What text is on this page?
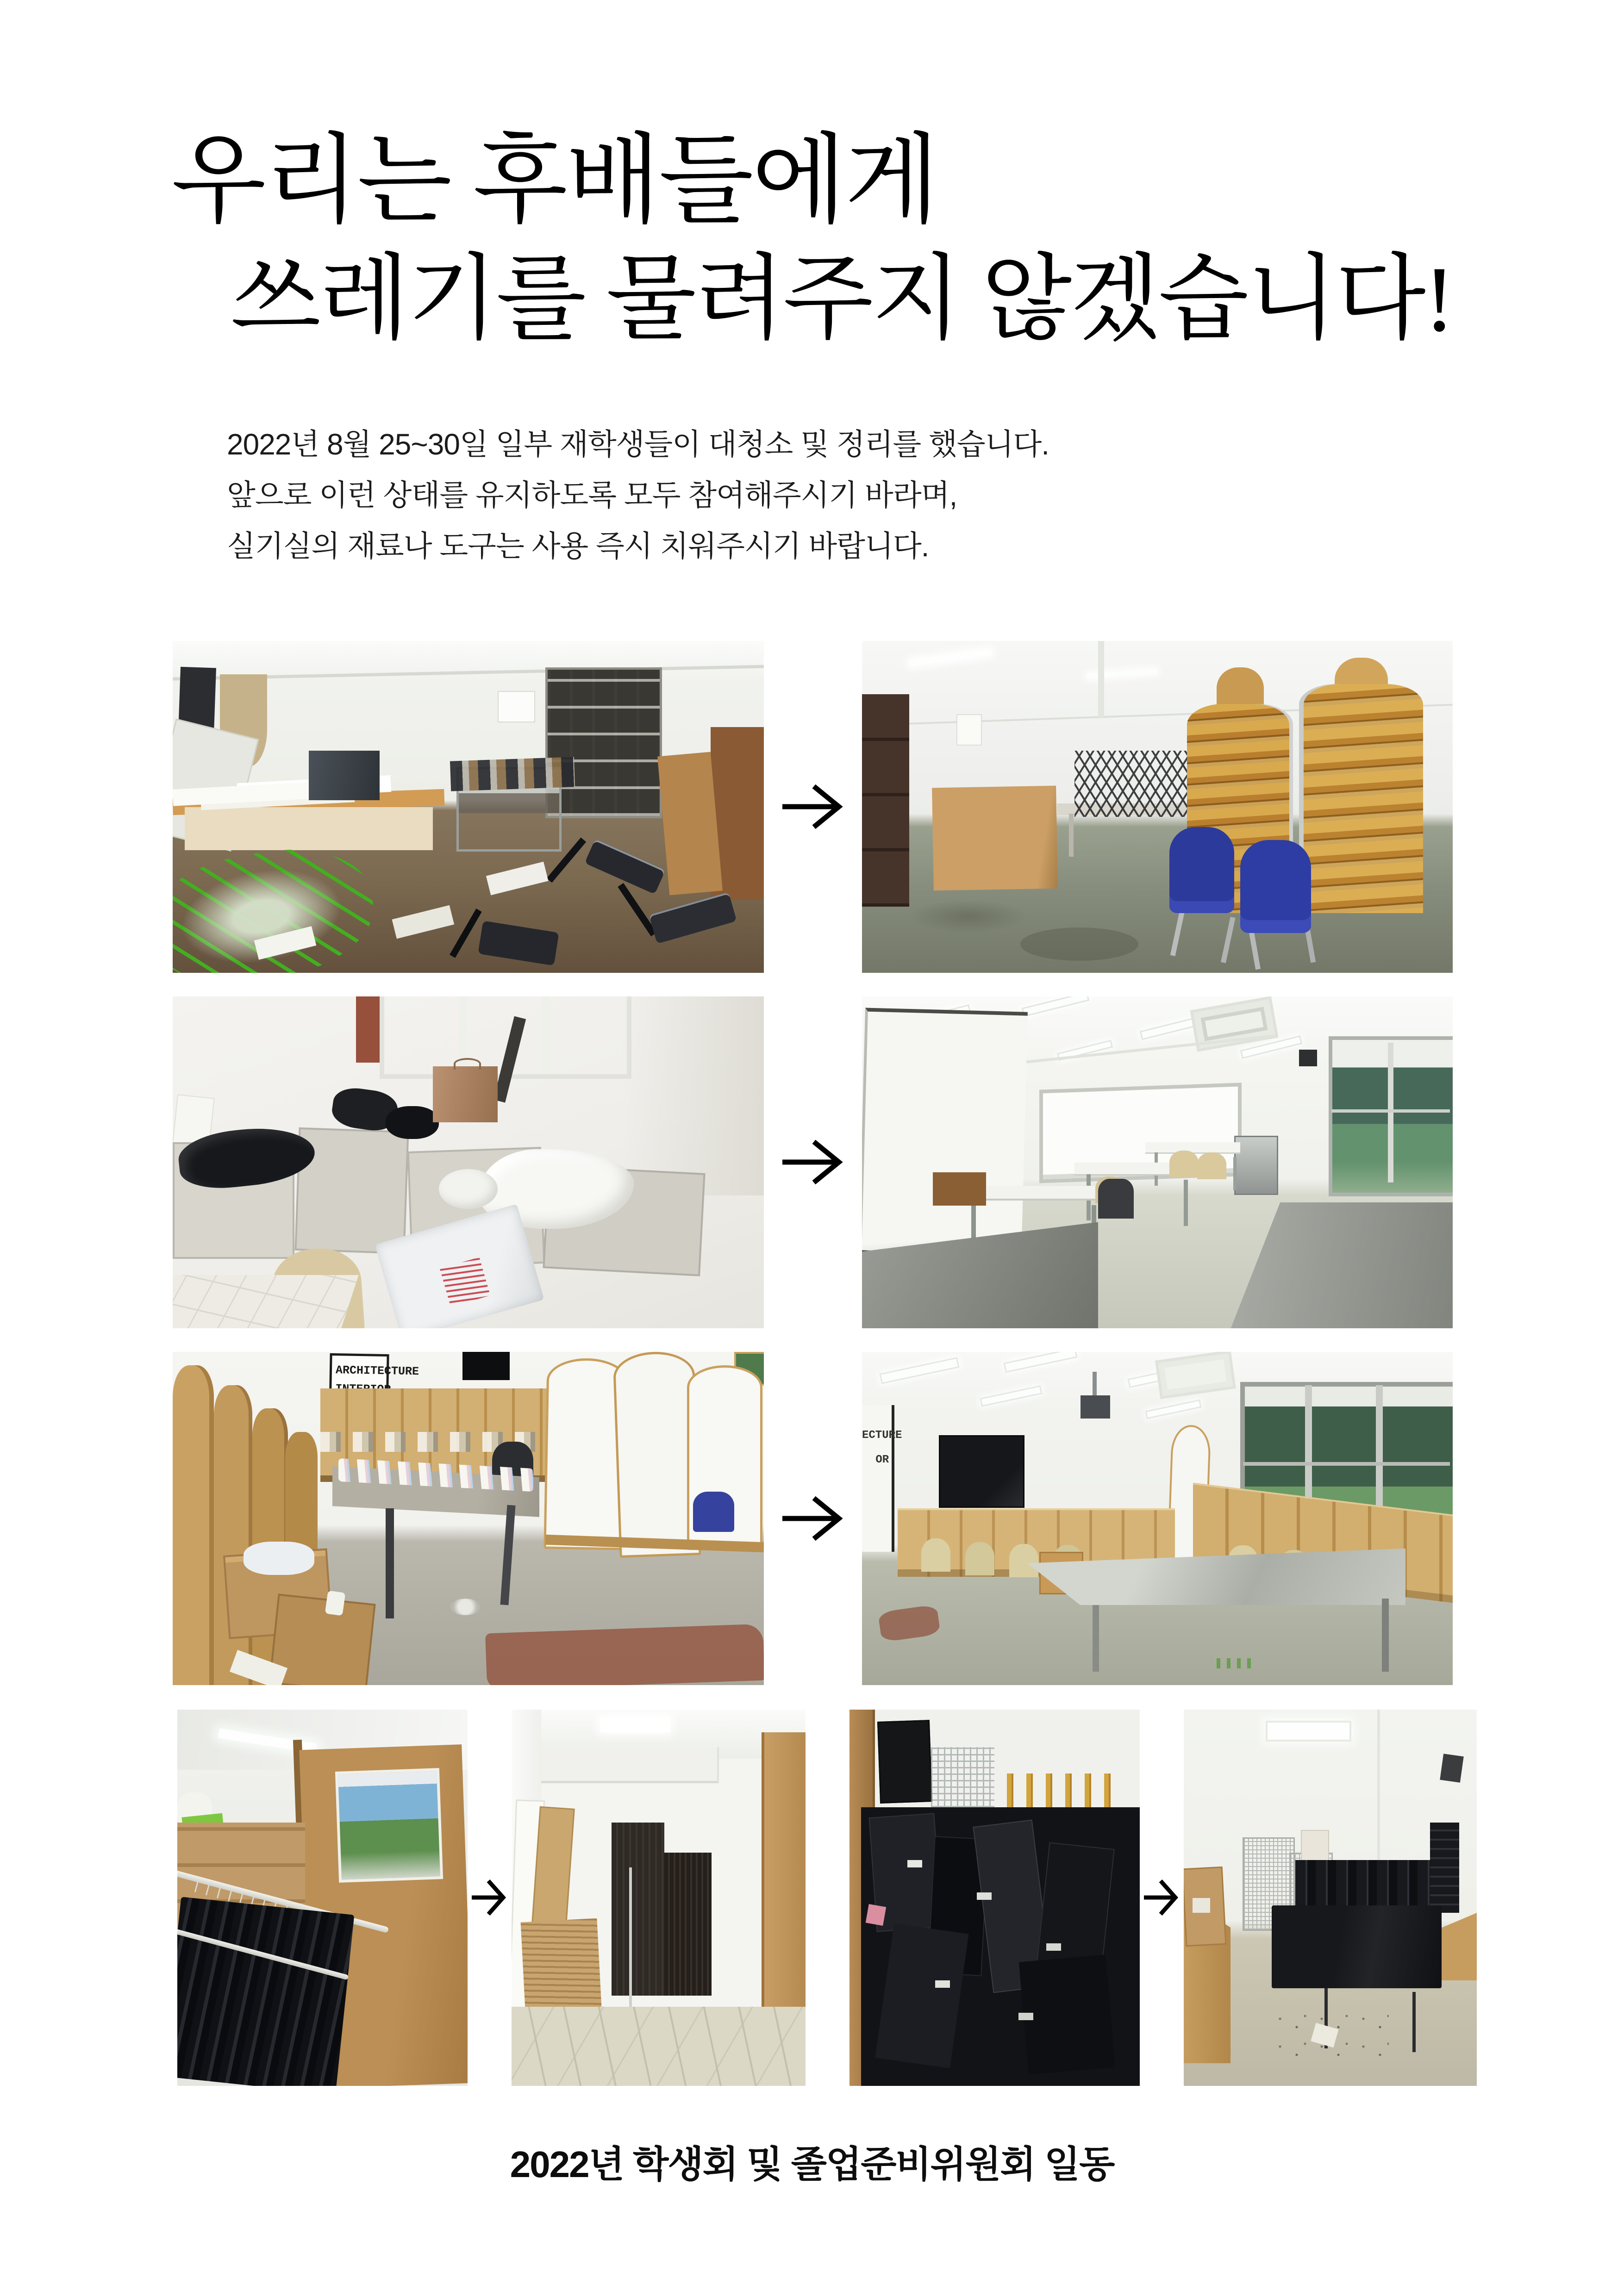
우리는 후배들에게
쓰레기를 물려주지 않겠습니다!

2022년 8월 25~30일 일부 재학생들이 대청소 및 정리를 했습니다.

앞으로 이런 상태를 유지하도록 모두 참여해주시기 바라며,

실기실의 재료나 도구는 사용 즉시 치워주시기 바랍니다.

ARCHITECTURE
ECTURE
OR
2022년 학생회 및 졸업준비위원회 일동
